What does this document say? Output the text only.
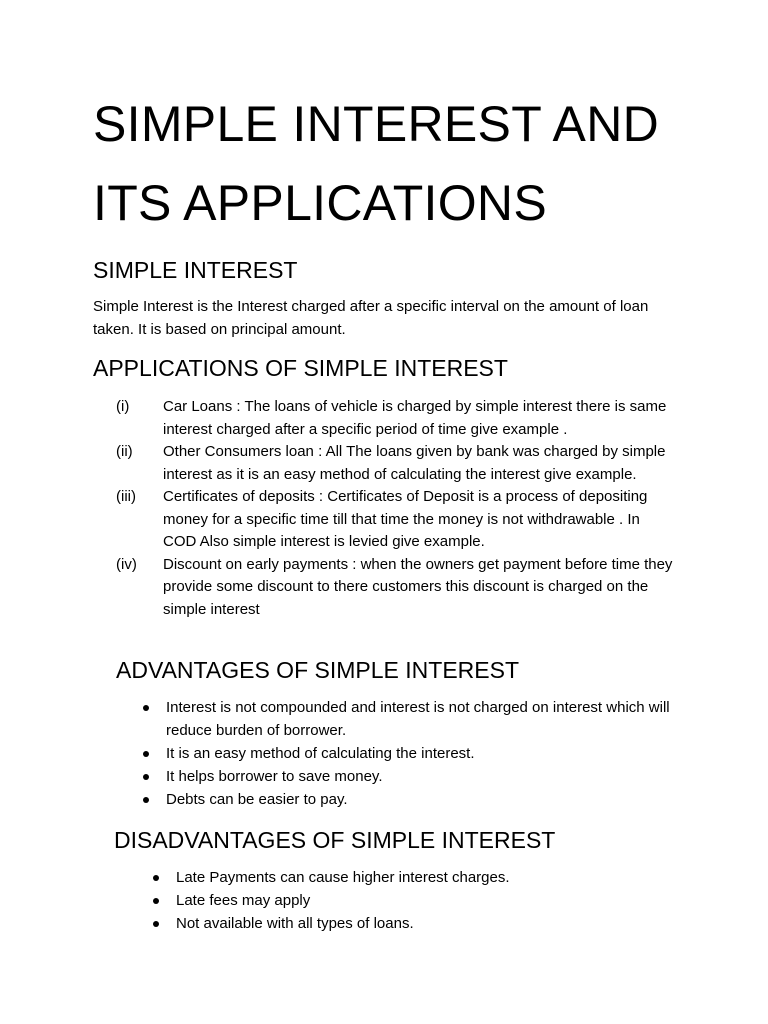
SIMPLE INTEREST AND
ITS APPLICATIONS
SIMPLE INTEREST
Simple Interest is the Interest charged after a specific interval on the amount of loan taken. It is based on principal amount.
APPLICATIONS OF SIMPLE INTEREST
(i) Car Loans : The loans of vehicle is charged by simple interest there is same interest charged after a specific period of time give example .
(ii) Other Consumers loan : All The loans given by bank was charged by simple interest as it is an easy method of calculating the interest give example.
(iii) Certificates of deposits : Certificates of Deposit is a process of depositing money for a specific time till that time the money is not withdrawable . In COD Also simple interest is levied give example.
(iv) Discount on early payments : when the owners get payment before time they provide some discount to there customers this discount is charged on the simple interest
ADVANTAGES OF SIMPLE INTEREST
Interest is not compounded and interest is not charged on interest which will reduce burden of borrower.
It is an easy method of calculating the interest.
It helps borrower to save money.
Debts can be easier to pay.
DISADVANTAGES OF SIMPLE INTEREST
Late Payments can cause higher interest charges.
Late fees may apply
Not available with all types of loans.
